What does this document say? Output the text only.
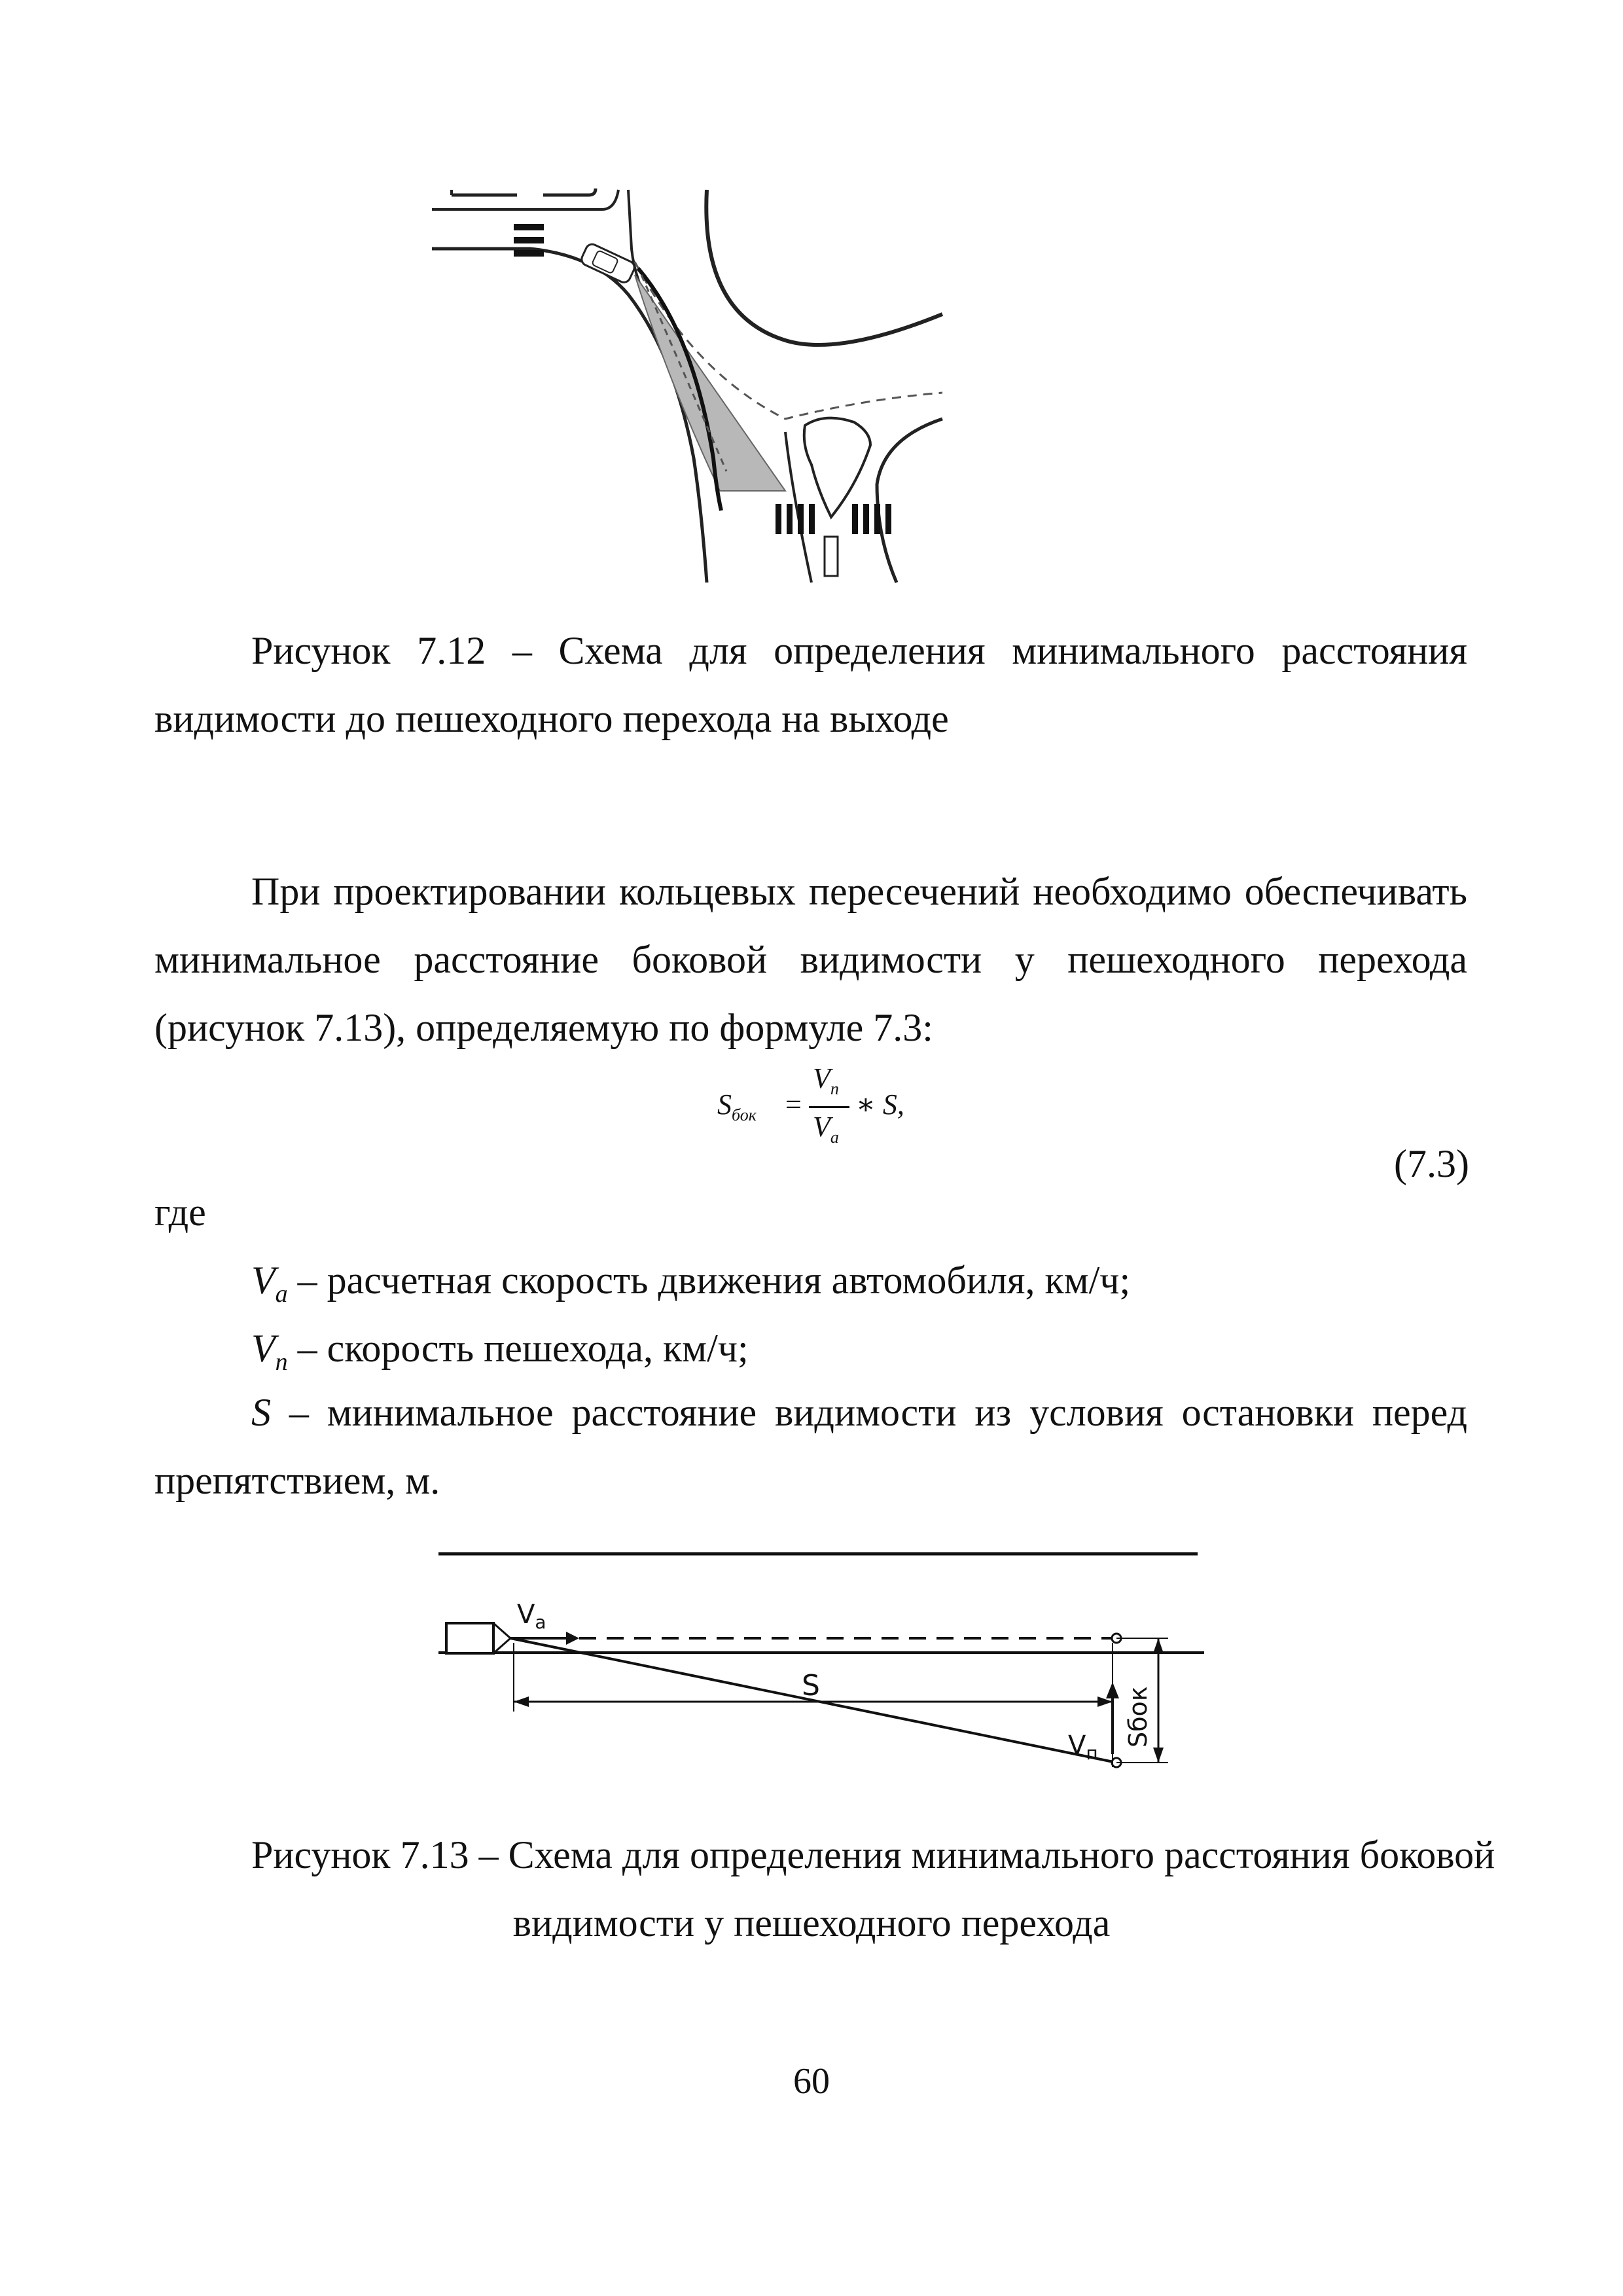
Рисунок 7.12 – Схема для определения минимального расстояния
видимости до пешеходного перехода на выходе

При проектировании кольцевых пересечений необходимо обеспечивать минимальное расстояние боковой видимости у пешеходного перехода (рисунок 7.13), определяемую по формуле 7.3:

$S_{бок}$ =
$V_п$
$V_а$
∗ S,
(7.3)
где
$V_a$ – расчетная скорость движения автомобиля, км/ч;
$V_n$ – скорость пешехода, км/ч;

S – минимальное расстояние видимости из условия остановки перед препятствием, м.

$V_a$
S
$V_п$
Sбок
Рисунок 7.13 – Схема для определения минимального расстояния боковой
видимости у пешеходного перехода
60
